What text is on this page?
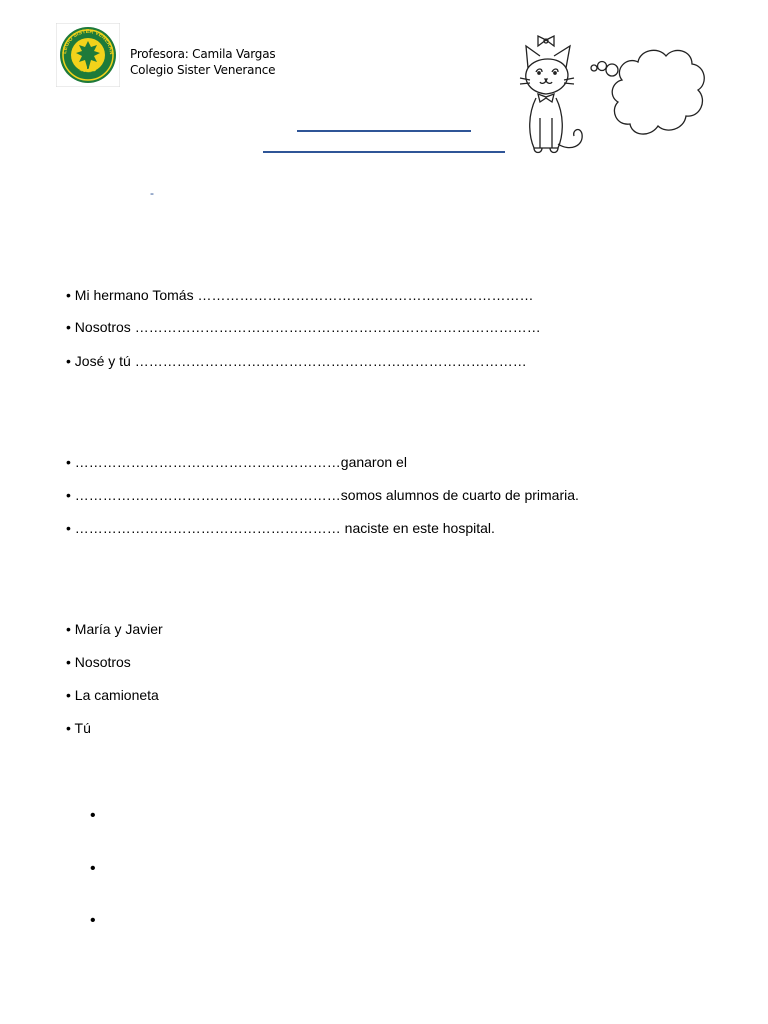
LEGIO SISTER VENERAN
MAIPU
Profesora: Camila Vargas
Colegio Sister Venerance
-
• Mi hermano Tomás ………………………………………………………………
• Nosotros ……………………………………………………………………………
• José y tú …………………………………………………………………………
• …………………………………………………ganaron el
• …………………………………………………somos alumnos de cuarto de primaria.
• ………………………………………………… naciste en este hospital.
• María y Javier
• Nosotros
• La camioneta
• Tú
•
•
•
